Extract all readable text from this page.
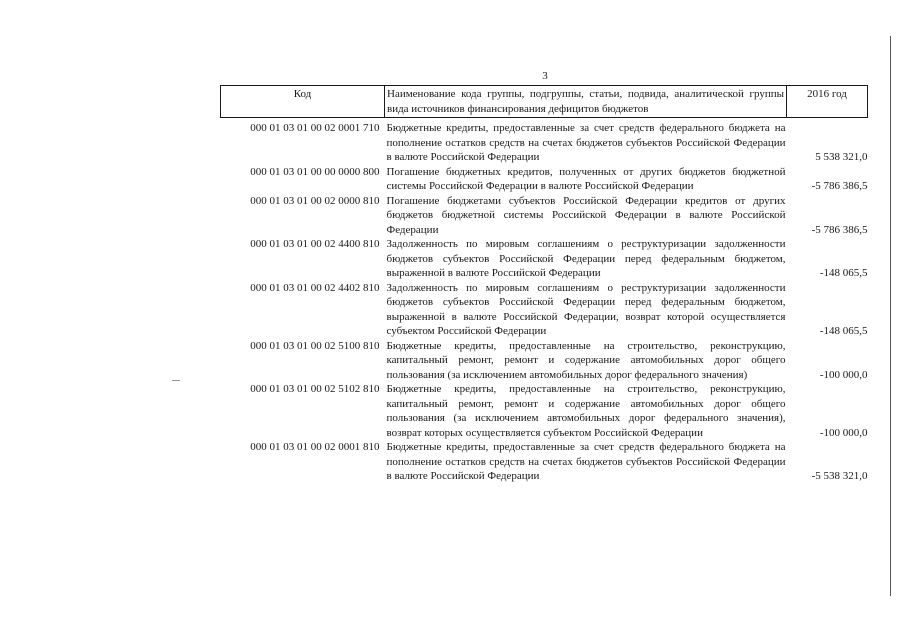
3
Код	Наименование кода группы, подгруппы, статьи, подвида, аналитической группы вида источников финансирования дефицитов бюджетов	2016 год

000 01 03 01 00 02 0001 710	Бюджетные кредиты, предоставленные за счет средств федерального бюджета на пополнение остатков средств на счетах бюджетов субъектов Российской Федерации в валюте Российской Федерации	5 538 321,0
000 01 03 01 00 00 0000 800	Погашение бюджетных кредитов, полученных от других бюджетов бюджетной системы Российской Федерации в валюте Российской Федерации	-5 786 386,5
000 01 03 01 00 02 0000 810	Погашение бюджетами субъектов Российской Федерации кредитов от других бюджетов бюджетной системы Российской Федерации в валюте Российской Федерации	-5 786 386,5
000 01 03 01 00 02 4400 810	Задолженность по мировым соглашениям о реструктуризации задолженности бюджетов субъектов Российской Федерации перед федеральным бюджетом, выраженной в валюте Российской Федерации	-148 065,5
000 01 03 01 00 02 4402 810	Задолженность по мировым соглашениям о реструктуризации задолженности бюджетов субъектов Российской Федерации перед федеральным бюджетом, выраженной в валюте Российской Федерации, возврат которой осуществляется субъектом Российской Федерации	-148 065,5
000 01 03 01 00 02 5100 810	Бюджетные кредиты, предоставленные на строительство, реконструкцию, капитальный ремонт, ремонт и содержание автомобильных дорог общего пользования (за исключением автомобильных дорог федерального значения)	-100 000,0
000 01 03 01 00 02 5102 810	Бюджетные кредиты, предоставленные на строительство, реконструкцию, капитальный ремонт, ремонт и содержание автомобильных дорог общего пользования (за исключением автомобильных дорог федерального значения), возврат которых осуществляется субъектом Российской Федерации	-100 000,0
000 01 03 01 00 02 0001 810	Бюджетные кредиты, предоставленные за счет средств федерального бюджета на пополнение остатков средств на счетах бюджетов субъектов Российской Федерации в валюте Российской Федерации	-5 538 321,0
